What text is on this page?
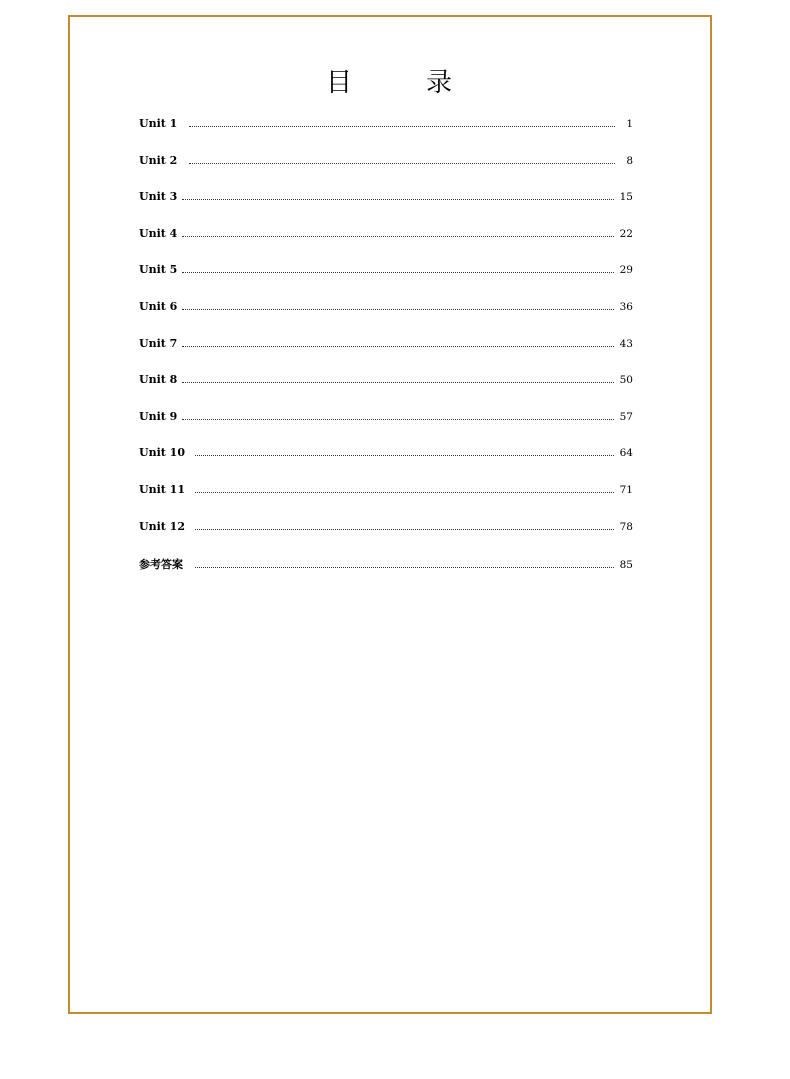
目　录
Unit 1	1
Unit 2	8
Unit 3	15
Unit 4	22
Unit 5	29
Unit 6	36
Unit 7	43
Unit 8	50
Unit 9	57
Unit 10	64
Unit 11	71
Unit 12	78
参考答案	85
